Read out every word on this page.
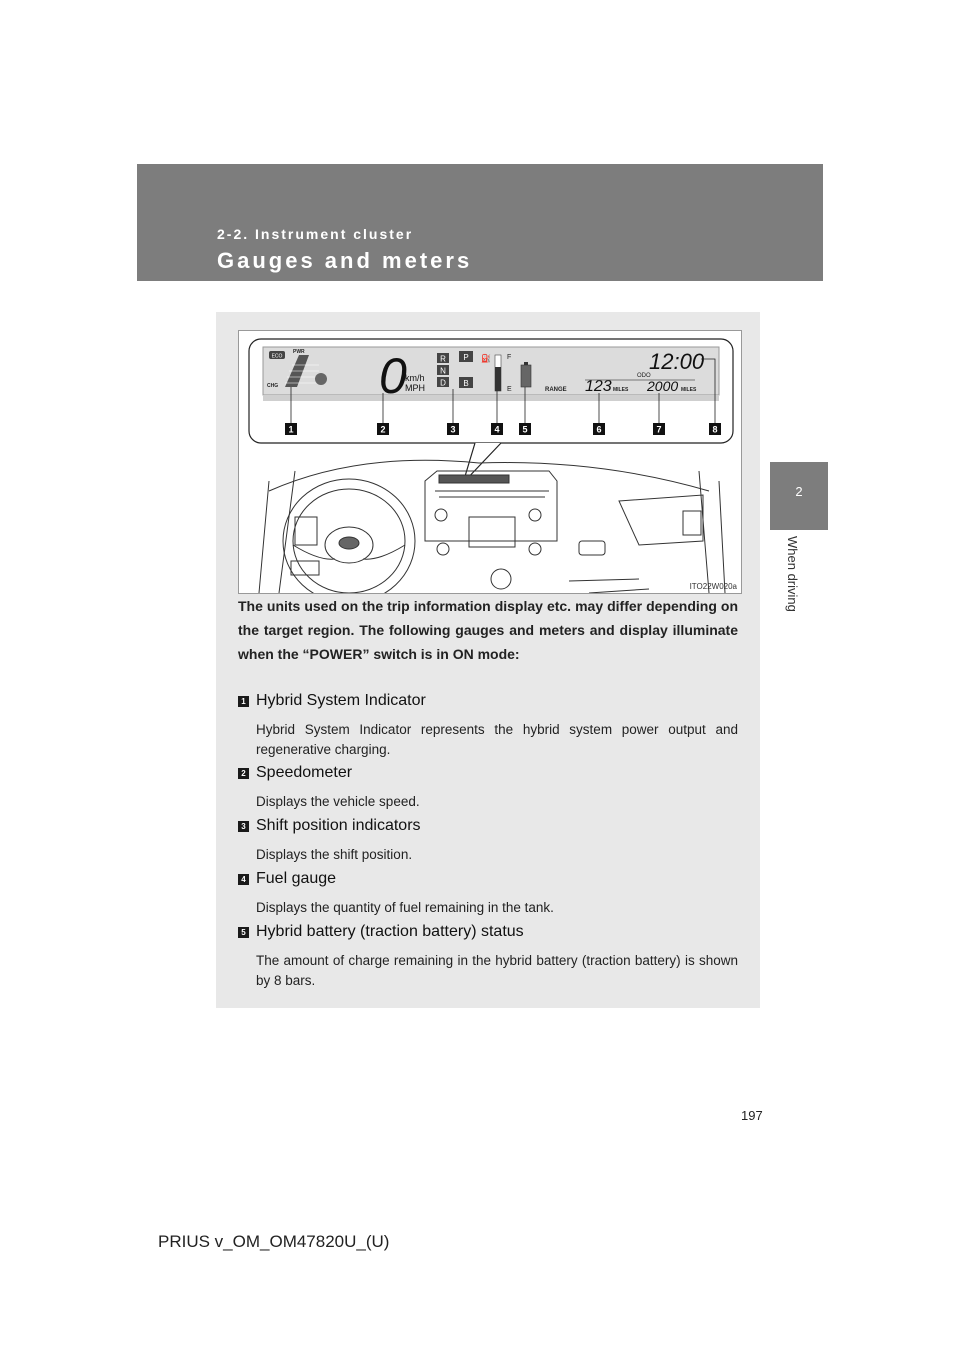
2-2. Instrument cluster
Gauges and meters
2
When driving
ECO
PWR
CHG 0
km/h
MPH
R P
N
D B
⛽ F
E	RANGE 123 MILES
ODO
2000 MILES
12:00
1	2	3	4	5	6	7	8
ITO22W020a
The units used on the trip information display etc. may differ depending on the target region. The following gauges and meters and display illuminate when the “POWER” switch is in ON mode:
1 Hybrid System Indicator
Hybrid System Indicator represents the hybrid system power output and regenerative charging.
2 Speedometer
Displays the vehicle speed.
3 Shift position indicators
Displays the shift position.
4 Fuel gauge
Displays the quantity of fuel remaining in the tank.
5 Hybrid battery (traction battery) status
The amount of charge remaining in the hybrid battery (traction battery) is shown by 8 bars.
197
PRIUS v_OM_OM47820U_(U)
